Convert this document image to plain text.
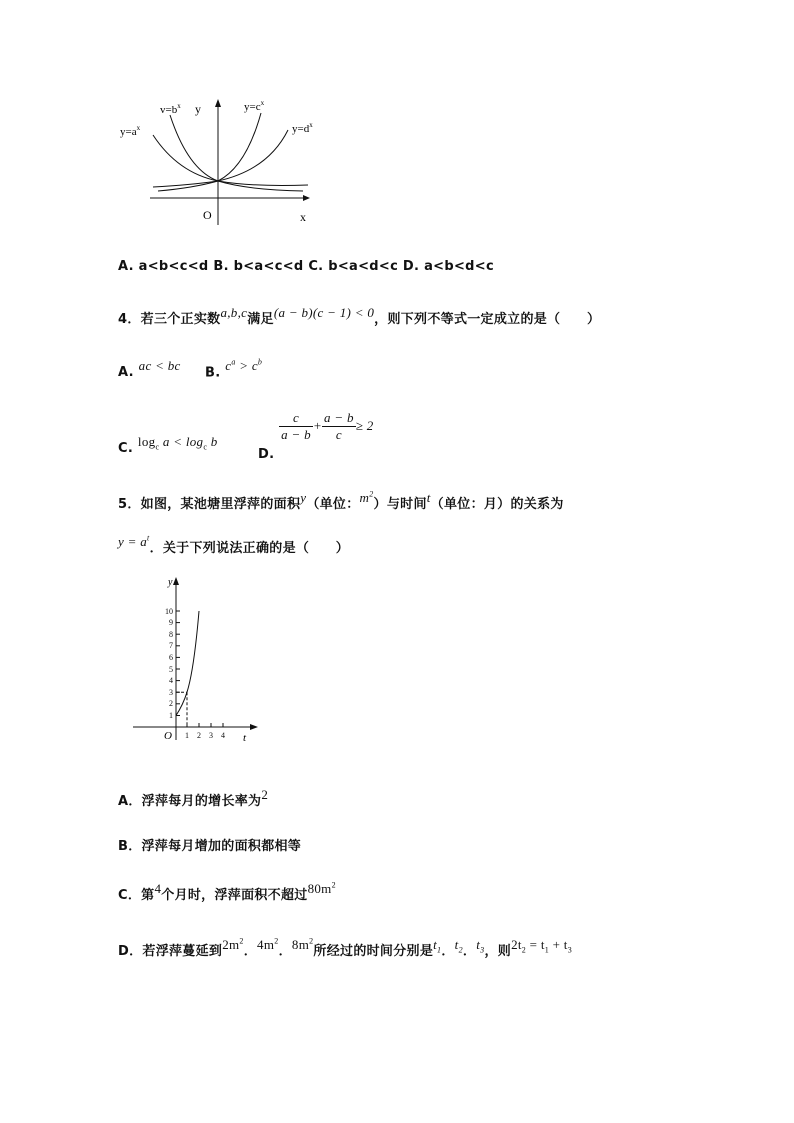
$y=a^x$
$v=b^x$ y	$y=c^x$
$y=d^x$
O	x
A. a<b<c<d B. b<a<c<d C. b<a<d<c D. a<b<d<c
4．若三个正实数a,b,c满足(a − b)(c − 1) < 0，则下列不等式一定成立的是（　　）
A. ac < bc B. $c^a > c^b$
C. $\log_c a < \log_c b$
D.
$\frac{c}{a - b} + \frac{a - b}{c} \ge 2$
5．如图，某池塘里浮萍的面积y（单位：$m^2$）与时间t（单位：月）的关系为
$y = a^t$．关于下列说法正确的是（　　）
1
2
3
4
5
6
7
8
9
10
1 2 3 4
y
t
O
A．浮萍每月的增长率为2
B．浮萍每月增加的面积都相等
C．第4个月时，浮萍面积不超过$80m^2$
D．若浮萍蔓延到$2m^2$．$4m^2$．$8m^2$所经过的时间分别是$t_1$．$t_2$．$t_3$，则$2t_2 = t_1 + t_3$
